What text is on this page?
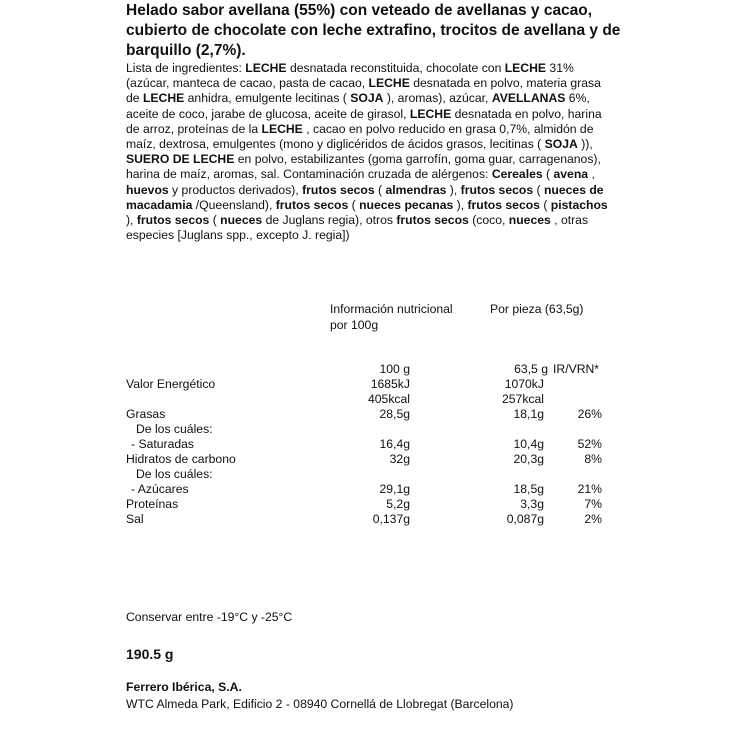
Helado sabor avellana (55%) con veteado de avellanas y cacao, cubierto de chocolate con leche extrafino, trocitos de avellana y de barquillo (2,7%).
Lista de ingredientes: LECHE desnatada reconstituida, chocolate con LECHE 31% (azúcar, manteca de cacao, pasta de cacao, LECHE desnatada en polvo, materia grasa de LECHE anhidra, emulgente lecitinas ( SOJA ), aromas), azúcar, AVELLANAS 6%, aceite de coco, jarabe de glucosa, aceite de girasol, LECHE desnatada en polvo, harina de arroz, proteínas de la LECHE , cacao en polvo reducido en grasa 0,7%, almidón de maíz, dextrosa, emulgentes (mono y diglicéridos de ácidos grasos, lecitinas ( SOJA )), SUERO DE LECHE en polvo, estabilizantes (goma garrofín, goma guar, carragenanos), harina de maíz, aromas, sal. Contaminación cruzada de alérgenos: Cereales ( avena , huevos y productos derivados), frutos secos ( almendras ), frutos secos ( nueces de macadamia /Queensland), frutos secos ( nueces pecanas ), frutos secos ( pistachos ), frutos secos ( nueces de Juglans regia), otros frutos secos (coco, nueces , otras especies [Juglans spp., excepto J. regia])
Información nutricional por 100g
Por pieza (63,5g)
100 g	63,5 g IR/VRN*
Valor Energético	1685kJ	1070kJ
405kcal	257kcal
Grasas	28,5g	18,1g	26%
De los cuáles:
- Saturadas	16,4g	10,4g	52%
Hidratos de carbono	32g	20,3g	8%
De los cuáles:
- Azúcares	29,1g	18,5g	21%
Proteínas	5,2g	3,3g	7%
Sal	0,137g	0,087g	2%
Conservar entre -19°C y -25°C
190.5 g
Ferrero Ibérica, S.A.
WTC Almeda Park, Edificio 2 - 08940 Cornellá de Llobregat (Barcelona)
